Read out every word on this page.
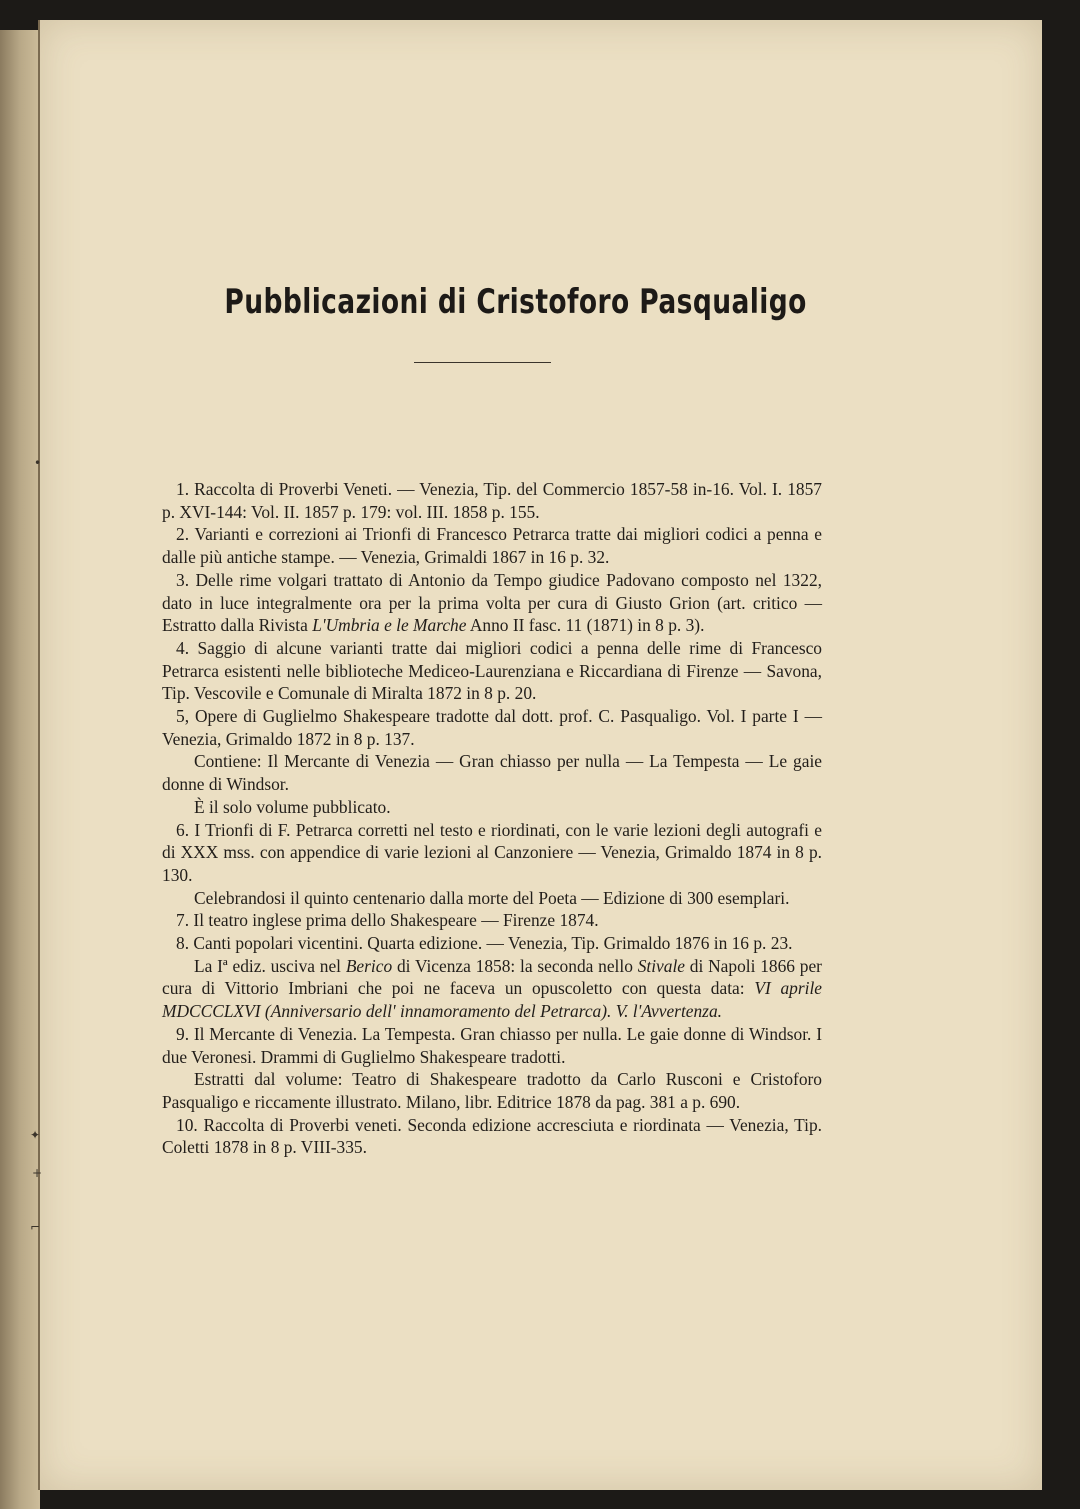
Pubblicazioni di Cristoforo Pasqualigo

1. Raccolta di Proverbi Veneti. — Venezia, Tip. del Commercio 1857-58 in-16. Vol. I. 1857 p. XVI-144: Vol. II. 1857 p. 179: vol. III. 1858 p. 155.

2. Varianti e correzioni ai Trionfi di Francesco Petrarca tratte dai migliori codici a penna e dalle più antiche stampe. — Venezia, Grimaldi 1867 in 16 p. 32.

3. Delle rime volgari trattato di Antonio da Tempo giudice Padovano composto nel 1322, dato in luce integralmente ora per la prima volta per cura di Giusto Grion (art. critico — Estratto dalla Rivista L'Umbria e le Marche Anno II fasc. 11 (1871) in 8 p. 3).

4. Saggio di alcune varianti tratte dai migliori codici a penna delle rime di Francesco Petrarca esistenti nelle biblioteche Mediceo-Laurenziana e Riccardiana di Firenze — Savona, Tip. Vescovile e Comunale di Miralta 1872 in 8 p. 20.

5, Opere di Guglielmo Shakespeare tradotte dal dott. prof. C. Pasqualigo. Vol. I parte I — Venezia, Grimaldo 1872 in 8 p. 137.

Contiene: Il Mercante di Venezia — Gran chiasso per nulla — La Tempesta — Le gaie donne di Windsor.

È il solo volume pubblicato.

6. I Trionfi di F. Petrarca corretti nel testo e riordinati, con le varie lezioni degli autografi e di XXX mss. con appendice di varie lezioni al Canzoniere — Venezia, Grimaldo 1874 in 8 p. 130.

Celebrandosi il quinto centenario dalla morte del Poeta — Edizione di 300 esemplari.

7. Il teatro inglese prima dello Shakespeare — Firenze 1874.

8. Canti popolari vicentini. Quarta edizione. — Venezia, Tip. Grimaldo 1876 in 16 p. 23.

La Iª ediz. usciva nel Berico di Vicenza 1858: la seconda nello Stivale di Napoli 1866 per cura di Vittorio Imbriani che poi ne faceva un opuscoletto con questa data: VI aprile MDCCCLXVI (Anniversario dell' innamoramento del Petrarca). V. l'Avvertenza.

9. Il Mercante di Venezia. La Tempesta. Gran chiasso per nulla. Le gaie donne di Windsor. I due Veronesi. Drammi di Guglielmo Shakespeare tradotti.

Estratti dal volume: Teatro di Shakespeare tradotto da Carlo Rusconi e Cristoforo Pasqualigo e riccamente illustrato. Milano, libr. Editrice 1878 da pag. 381 a p. 690.

10. Raccolta di Proverbi veneti. Seconda edizione accresciuta e riordinata — Venezia, Tip. Coletti 1878 in 8 p. VIII-335.

✦
+
⌐
•
